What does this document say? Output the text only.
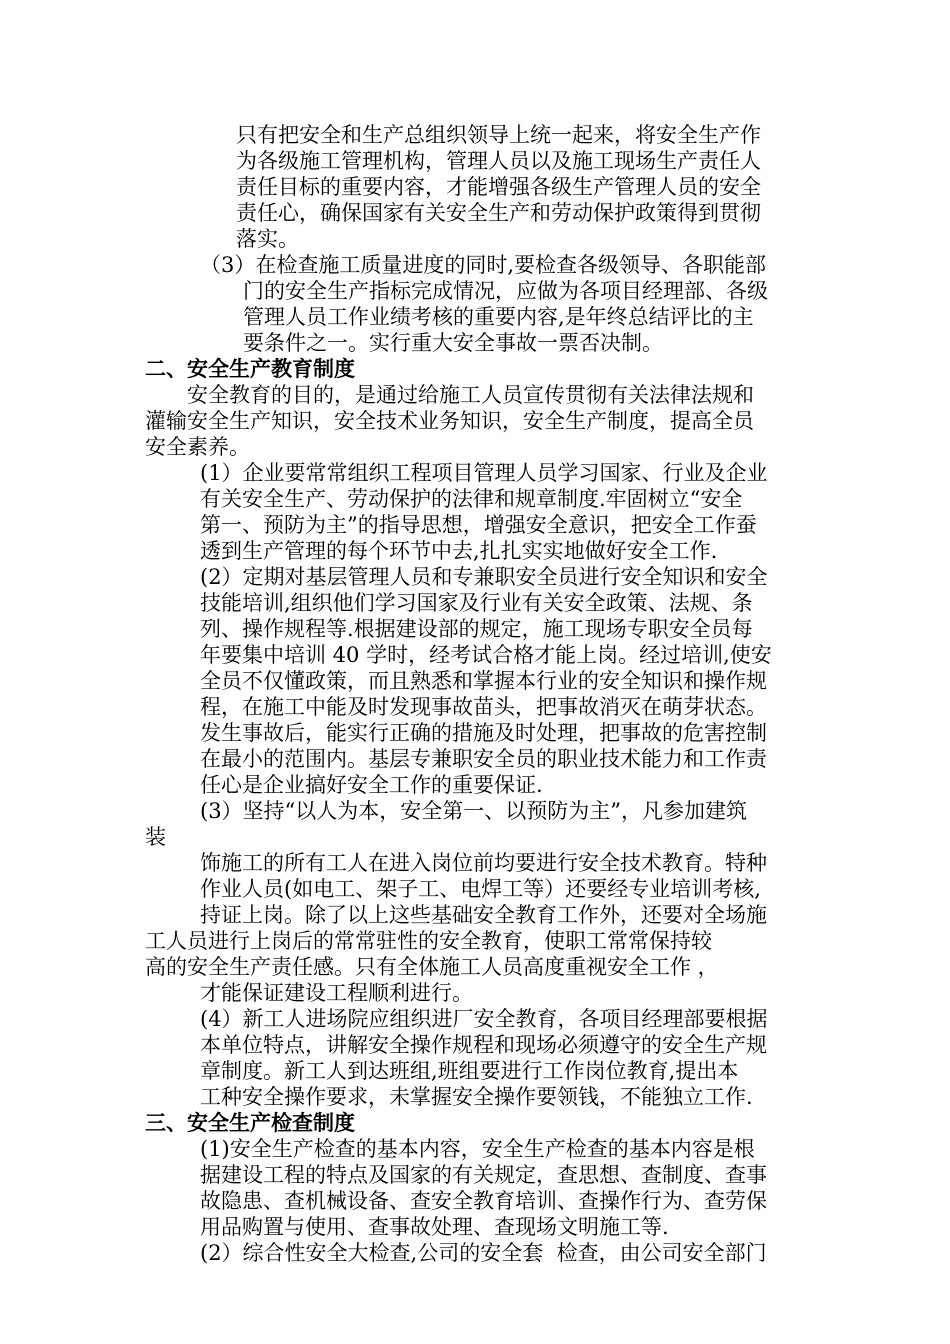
只有把安全和生产总组织领导上统一起来，将安全生产作
为各级施工管理机构，管理人员以及施工现场生产责任人
责任目标的重要内容，才能增强各级生产管理人员的安全
责任心，确保国家有关安全生产和劳动保护政策得到贯彻
落实。
（3）在检查施工质量进度的同时,要检查各级领导、各职能部
门的安全生产指标完成情况，应做为各项目经理部、各级
管理人员工作业绩考核的重要内容,是年终总结评比的主
要条件之一。实行重大安全事故一票否决制。
二、安全生产教育制度
安全教育的目的，是通过给施工人员宣传贯彻有关法律法规和
灌输安全生产知识，安全技术业务知识，安全生产制度，提高全员
安全素养。
(1）企业要常常组织工程项目管理人员学习国家、行业及企业
有关安全生产、劳动保护的法律和规章制度.牢固树立“安全
第一、预防为主”的指导思想，增强安全意识，把安全工作蚕
透到生产管理的每个环节中去,扎扎实实地做好安全工作.
(2）定期对基层管理人员和专兼职安全员进行安全知识和安全
技能培训,组织他们学习国家及行业有关安全政策、法规、条
列、操作规程等.根据建设部的规定，施工现场专职安全员每
年要集中培训 40 学时，经考试合格才能上岗。经过培训,使安
全员不仅懂政策，而且熟悉和掌握本行业的安全知识和操作规
程，在施工中能及时发现事故苗头，把事故消灭在萌芽状态。
发生事故后，能实行正确的措施及时处理，把事故的危害控制
在最小的范围内。基层专兼职安全员的职业技术能力和工作责
任心是企业搞好安全工作的重要保证.
(3）坚持“以人为本，安全第一、以预防为主”，凡参加建筑
装
饰施工的所有工人在进入岗位前均要进行安全技术教育。特种
作业人员(如电工、架子工、电焊工等）还要经专业培训考核,
持证上岗。除了以上这些基础安全教育工作外，还要对全场施
工人员进行上岗后的常常驻性的安全教育，使职工常常保持较
高的安全生产责任感。只有全体施工人员高度重视安全工作 ，
才能保证建设工程顺利进行。
(4）新工人进场院应组织进厂安全教育，各项目经理部要根据
本单位特点，讲解安全操作规程和现场必须遵守的安全生产规
章制度。新工人到达班组,班组要进行工作岗位教育,提出本
工种安全操作要求，未掌握安全操作要领钱，不能独立工作.
三、安全生产检查制度
(1)安全生产检查的基本内容，安全生产检查的基本内容是根
据建设工程的特点及国家的有关规定，查思想、查制度、查事
故隐患、查机械设备、查安全教育培训、查操作行为、查劳保
用品购置与使用、查事故处理、查现场文明施工等.
(2）综合性安全大检查,公司的安全套  检查，由公司安全部门
